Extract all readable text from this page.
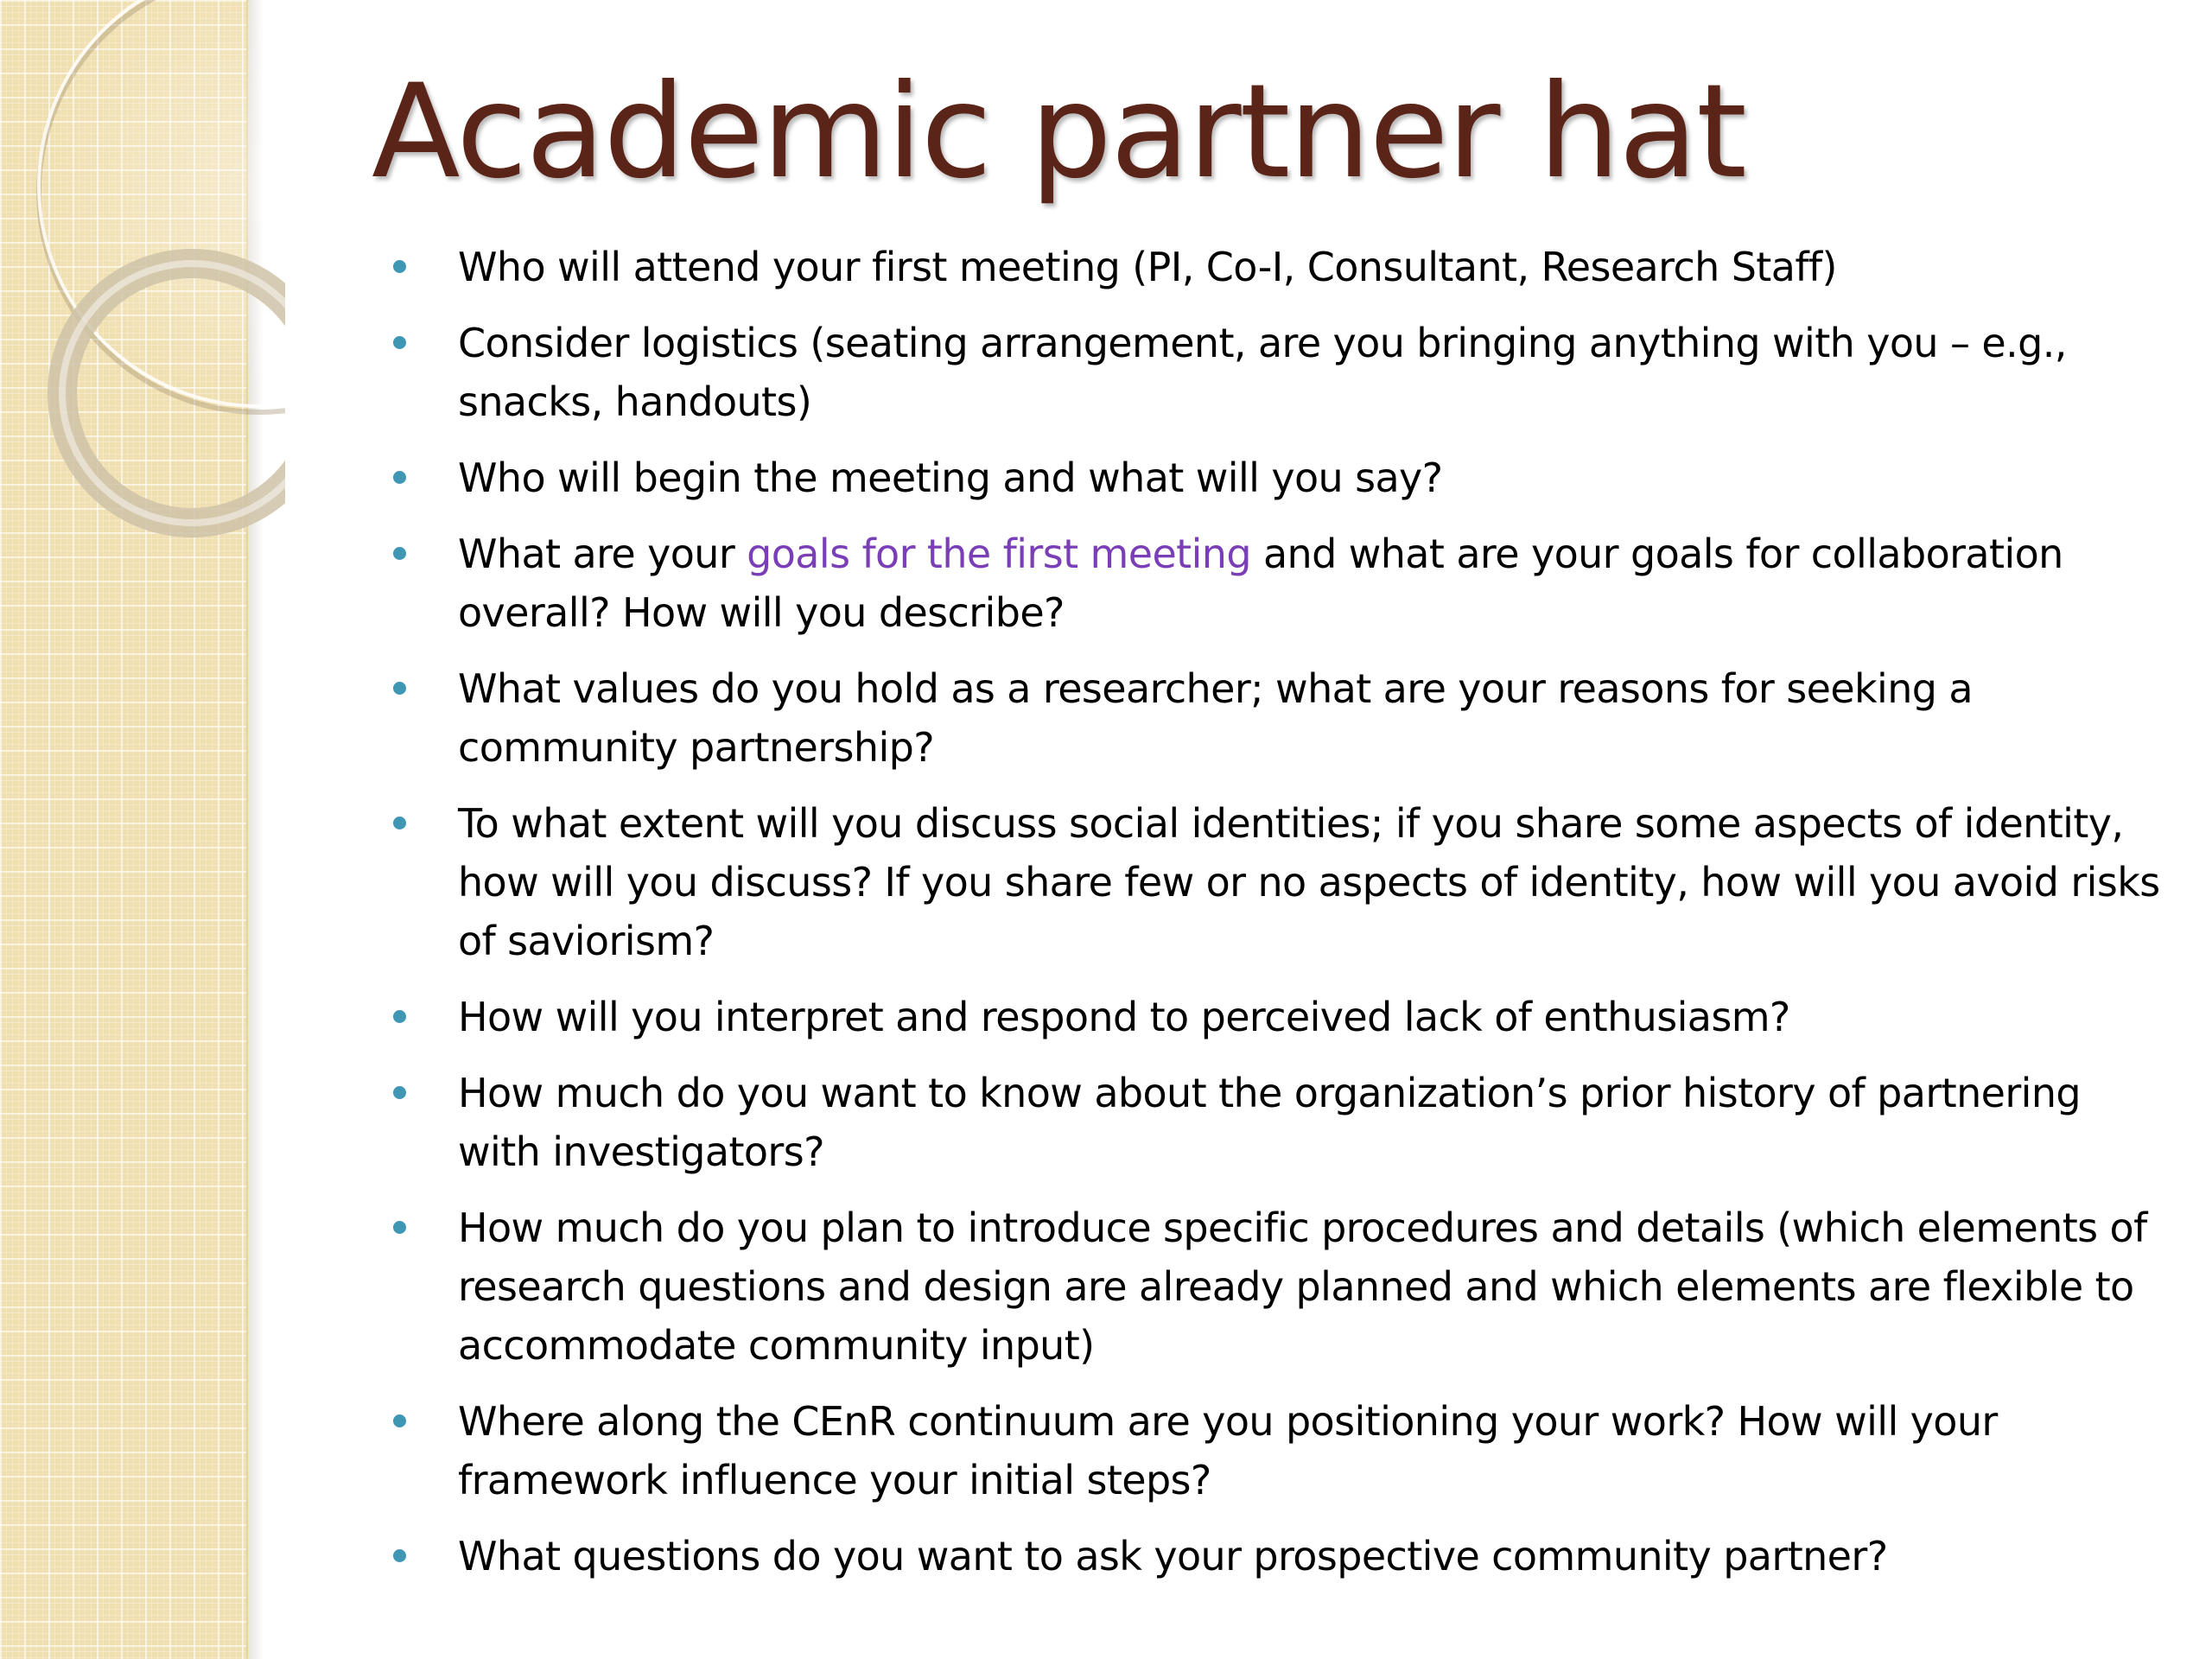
Academic partner hat
Who will attend your first meeting (PI, Co-I, Consultant, Research Staff)
Consider logistics (seating arrangement, are you bringing anything with you – e.g., snacks, handouts)
Who will begin the meeting and what will you say?
What are your goals for the first meeting and what are your goals for collaboration overall? How will you describe?
What values do you hold as a researcher; what are your reasons for seeking a community partnership?
To what extent will you discuss social identities; if you share some aspects of identity, how will you discuss? If you share few or no aspects of identity, how will you avoid risks of saviorism?
How will you interpret and respond to perceived lack of enthusiasm?
How much do you want to know about the organization’s prior history of partnering with investigators?
How much do you plan to introduce specific procedures and details (which elements of research questions and design are already planned and which elements are flexible to accommodate community input)
Where along the CEnR continuum are you positioning your work? How will your framework influence your initial steps?
What questions do you want to ask your prospective community partner?
